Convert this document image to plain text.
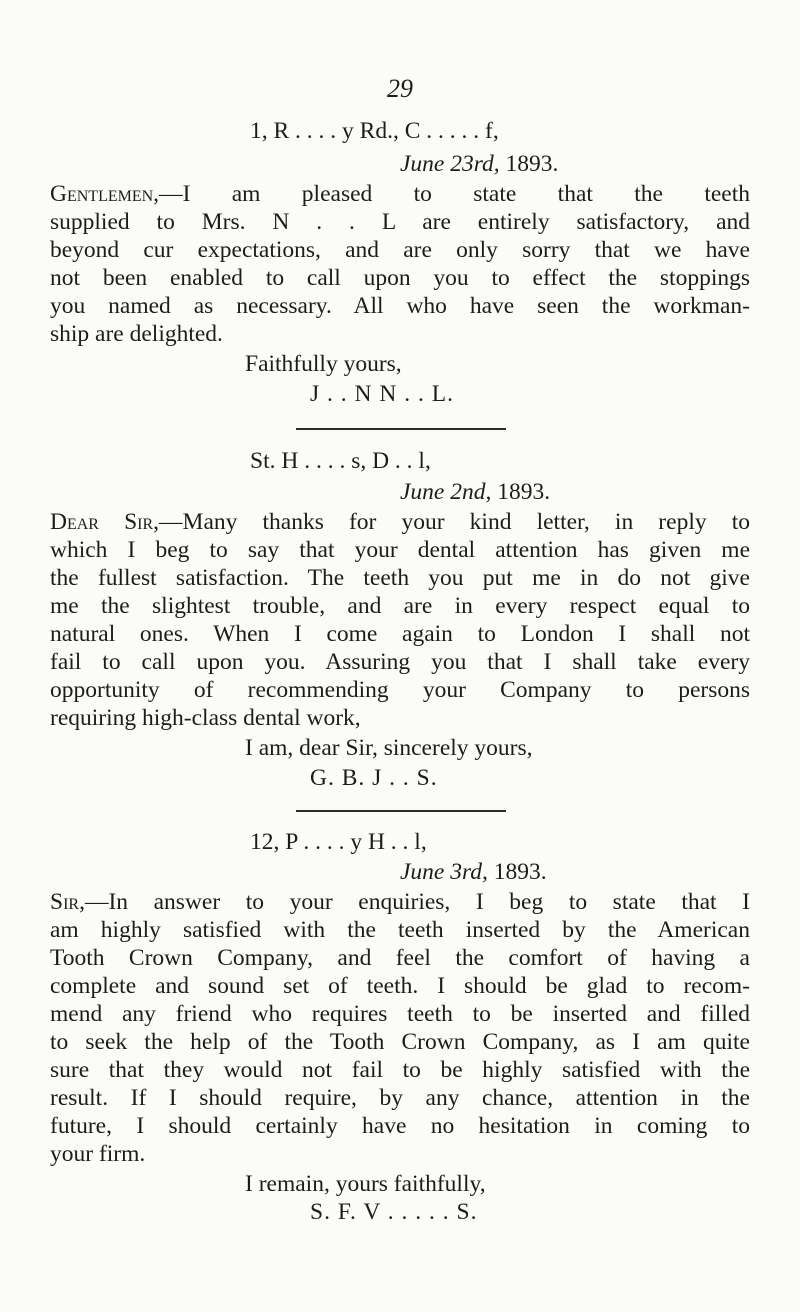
29
1, R . . . . y Rd., C . . . . . f,
June 23rd, 1893.
Gentlemen,—I am pleased to state that the teeth
supplied to Mrs. N . . L are entirely satisfactory, and
beyond cur expectations, and are only sorry that we have
not been enabled to call upon you to effect the stoppings
you named as necessary. All who have seen the workman-
ship are delighted.
Faithfully yours,
J . . N N . . L.
St. H . . . . s, D . . l,
June 2nd, 1893.
Dear Sir,—Many thanks for your kind letter, in reply to
which I beg to say that your dental attention has given me
the fullest satisfaction. The teeth you put me in do not give
me the slightest trouble, and are in every respect equal to
natural ones. When I come again to London I shall not
fail to call upon you. Assuring you that I shall take every
opportunity of recommending your Company to persons
requiring high-class dental work,
I am, dear Sir, sincerely yours,
G. B. J . . S.
12, P . . . . y H . . l,
June 3rd, 1893.
Sir,—In answer to your enquiries, I beg to state that I
am highly satisfied with the teeth inserted by the American
Tooth Crown Company, and feel the comfort of having a
complete and sound set of teeth. I should be glad to recom-
mend any friend who requires teeth to be inserted and filled
to seek the help of the Tooth Crown Company, as I am quite
sure that they would not fail to be highly satisfied with the
result. If I should require, by any chance, attention in the
future, I should certainly have no hesitation in coming to
your firm.
I remain, yours faithfully,
S. F. V . . . . . S.
